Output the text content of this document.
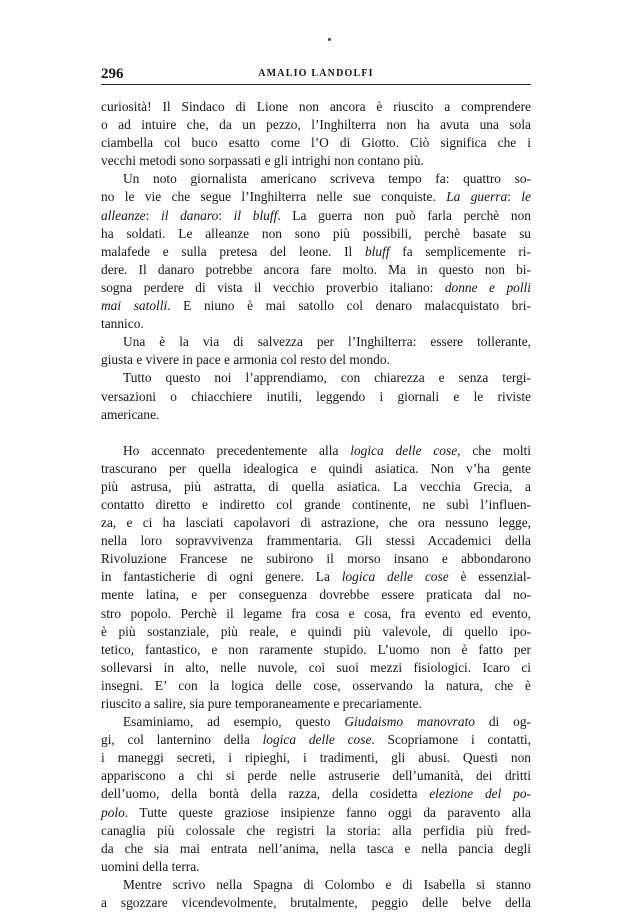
296	AMALIO LANDOLFI
curiosità! Il Sindaco di Lione non ancora è riuscito a comprendere
o ad intuire che, da un pezzo, l’Inghilterra non ha avuta una sola
ciambella col buco esatto come l’O di Giotto. Ciò significa che i
vecchi metodi sono sorpassati e gli intrighi non contano più.
Un noto giornalista americano scriveva tempo fa: quattro so-
no le vie che segue l’Inghilterra nelle sue conquiste. La guerra: le
alleanze: il danaro: il bluff. La guerra non può farla perchè non
ha soldati. Le alleanze non sono più possibili, perchè basate su
malafede e sulla pretesa del leone. Il bluff fa semplicemente ri-
dere. Il danaro potrebbe ancora fare molto. Ma in questo non bi-
sogna perdere di vista il vecchio proverbio italiano: donne e polli
mai satolli. E niuno è mai satollo col denaro malacquistato bri-
tannico.
Una è la via di salvezza per l’Inghilterra: essere tollerante,
giusta e vivere in pace e armonia col resto del mondo.
Tutto questo noi l’apprendiamo, con chiarezza e senza tergi-
versazioni o chiacchiere inutili, leggendo i giornali e le riviste
americane.
Ho accennato precedentemente alla logica delle cose, che molti
trascurano per quella idealogica e quindi asiatica. Non v’ha gente
più astrusa, più astratta, di quella asiatica. La vecchia Grecia, a
contatto diretto e indiretto col grande continente, ne subì l’influen-
za, e ci ha lasciati capolavori di astrazione, che ora nessuno legge,
nella loro sopravvivenza frammentaria. Gli stessi Accademici della
Rivoluzione Francese ne subirono il morso insano e abbondarono
in fantasticherie di ogni genere. La logica delle cose è essenzial-
mente latina, e per conseguenza dovrebbe essere praticata dal no-
stro popolo. Perchè il legame fra cosa e cosa, fra evento ed evento,
è più sostanziale, più reale, e quindi più valevole, di quello ipo-
tetico, fantastico, e non raramente stupido. L’uomo non è fatto per
sollevarsi in alto, nelle nuvole, coi suoi mezzi fisiologici. Icaro ci
insegni. E’ con la logica delle cose, osservando la natura, che è
riuscito a salire, sia pure temporaneamente e precariamente.
Esaminiamo, ad esempio, questo Giudaismo manovrato di og-
gi, col lanternino della logica delle cose. Scopriamone i contatti,
i maneggi secreti, i ripieghi, i tradimenti, gli abusi. Questi non
appariscono a chi si perde nelle astruserie dell’umanità, dei dritti
dell’uomo, della bontà della razza, della cosidetta elezione del po-
polo. Tutte queste graziose insipienze fanno oggi da paravento alla
canaglia più colossale che registri la storia: alla perfidia più fred-
da che sia mai entrata nell’anima, nella tasca e nella pancia degli
uomini della terra.
Mentre scrivo nella Spagna di Colombo e di Isabella si stanno
a sgozzare vicendevolmente, brutalmente, peggio delle belve della
